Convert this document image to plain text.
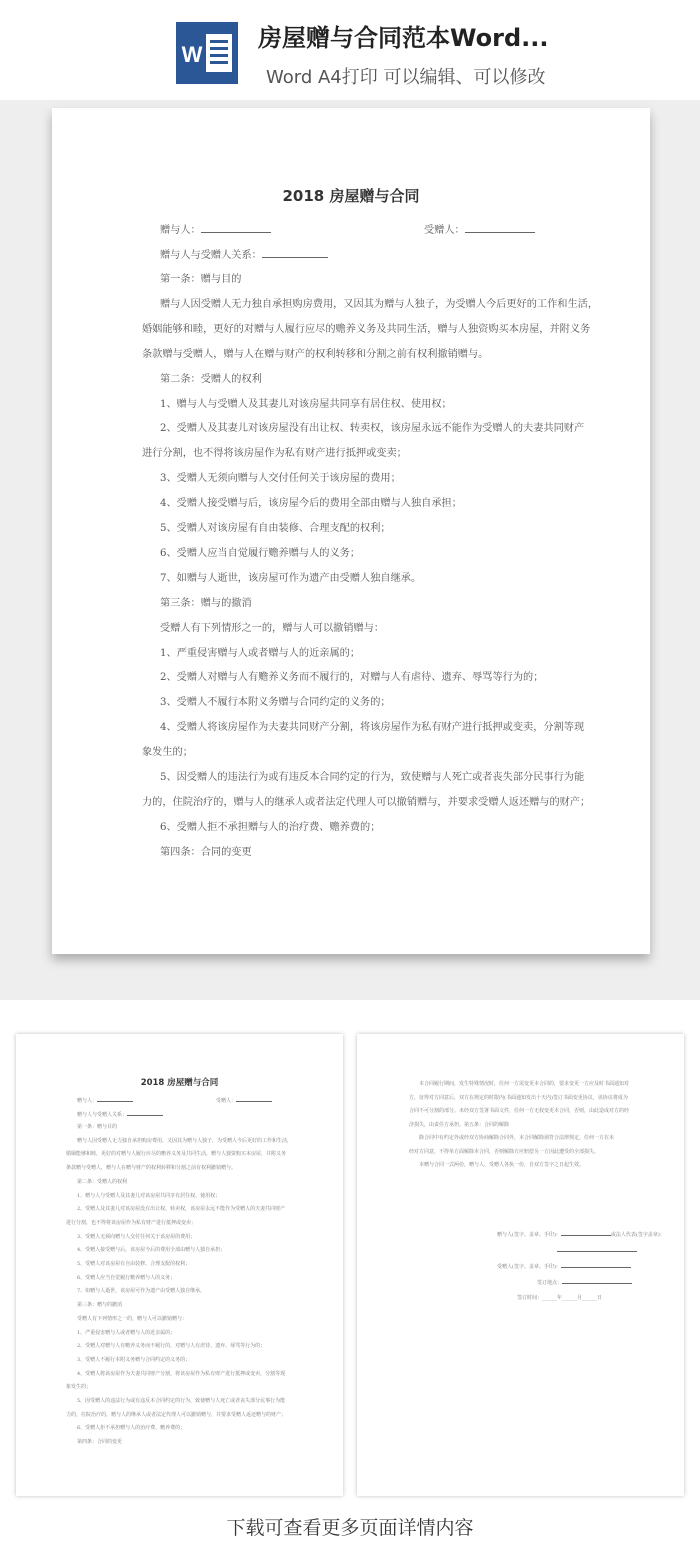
W
房屋赠与合同范本Word...
Word A4打印 可以编辑、可以修改
2018 房屋赠与合同
赠与人：	受赠人：
赠与人与受赠人关系：
第一条：赠与目的
赠与人因受赠人无力独自承担购房费用，又因其为赠与人独子，为受赠人今后更好的工作和生活，
婚姻能够和睦，更好的对赠与人履行应尽的赡养义务及共同生活，赠与人独资购买本房屋，并附义务
条款赠与受赠人，赠与人在赠与财产的权利转移和分割之前有权利撤销赠与。
第二条：受赠人的权利
1、赠与人与受赠人及其妻儿对该房屋共同享有居住权、使用权；
2、受赠人及其妻儿对该房屋没有出让权、转卖权，该房屋永远不能作为受赠人的夫妻共同财产
进行分割，也不得将该房屋作为私有财产进行抵押或变卖；
3、受赠人无须向赠与人交付任何关于该房屋的费用；
4、受赠人接受赠与后，该房屋今后的费用全部由赠与人独自承担；
5、受赠人对该房屋有自由装修、合理支配的权利；
6、受赠人应当自觉履行赡养赠与人的义务；
7、如赠与人逝世，该房屋可作为遗产由受赠人独自继承。
第三条：赠与的撤消
受赠人有下列情形之一的，赠与人可以撤销赠与：
1、严重侵害赠与人或者赠与人的近亲属的；
2、受赠人对赠与人有赡养义务而不履行的，对赠与人有虐待、遗弃、辱骂等行为的；
3、受赠人不履行本附义务赠与合同约定的义务的；
4、受赠人将该房屋作为夫妻共同财产分割，将该房屋作为私有财产进行抵押或变卖，分割等现
象发生的；
5、因受赠人的违法行为或有违反本合同约定的行为，致使赠与人死亡或者丧失部分民事行为能
力的，住院治疗的，赠与人的继承人或者法定代理人可以撤销赠与，并要求受赠人返还赠与的财产；
6、受赠人拒不承担赠与人的治疗费、赡养费的；
第四条：合同的变更
2018 房屋赠与合同
赠与人：	受赠人：
赠与人与受赠人关系：
第一条：赠与目的
赠与人因受赠人无力独自承担购房费用，又因其为赠与人独子，为受赠人今后更好的工作和生活，
婚姻能够和睦，更好的对赠与人履行应尽的赡养义务及共同生活，赠与人独资购买本房屋，并附义务
条款赠与受赠人，赠与人在赠与财产的权利转移和分割之前有权利撤销赠与。
第二条：受赠人的权利
1、赠与人与受赠人及其妻儿对该房屋共同享有居住权、使用权；
2、受赠人及其妻儿对该房屋没有出让权、转卖权，该房屋永远不能作为受赠人的夫妻共同财产
进行分割，也不得将该房屋作为私有财产进行抵押或变卖；
3、受赠人无须向赠与人交付任何关于该房屋的费用；
4、受赠人接受赠与后，该房屋今后的费用全部由赠与人独自承担；
5、受赠人对该房屋有自由装修、合理支配的权利；
6、受赠人应当自觉履行赡养赠与人的义务；
7、如赠与人逝世，该房屋可作为遗产由受赠人独自继承。
第三条：赠与的撤消
受赠人有下列情形之一的，赠与人可以撤销赠与：
1、严重侵害赠与人或者赠与人的近亲属的；
2、受赠人对赠与人有赡养义务而不履行的，对赠与人有虐待、遗弃、辱骂等行为的；
3、受赠人不履行本附义务赠与合同约定的义务的；
4、受赠人将该房屋作为夫妻共同财产分割，将该房屋作为私有财产进行抵押或变卖，分割等现
象发生的；
5、因受赠人的违法行为或有违反本合同约定的行为，致使赠与人死亡或者丧失部分民事行为能
力的，住院治疗的，赠与人的继承人或者法定代理人可以撤销赠与，并要求受赠人返还赠与的财产；
6、受赠人拒不承担赠与人的治疗费、赡养费的；
第四条：合同的变更
本合同履行期间，发生特殊情况时，任何一方需变更本合同的，要求变更一方应及时书面通知对
方，征得对方同意后，双方在规定的时限内(书面通知发出十天内)签订书面变更协议，该协议将成为
合同不可分割的部分。未经双方签署书面文件，任何一方无权变更本合同，否则，由此造成对方的经
济损失，由责任方承担。第五条：合同的解除
除合同中有约定外或经双方协商解除合同外，本合同解除须符合法律规定，任何一方在未
经对方同意，不得单方面解除本合同，否则解除方应赔偿另一方因此遭受的全部损失。
本赠与合同一式两份，赠与人、受赠人各执一份，自双方签字之日起生效。
赠与人(签字、盖章、手印)：	或法人代表(签字盖章)：
受赠人(签字、盖章、手印)：
签订地点：
签订时间：______年______月______日
下载可查看更多页面详情内容
